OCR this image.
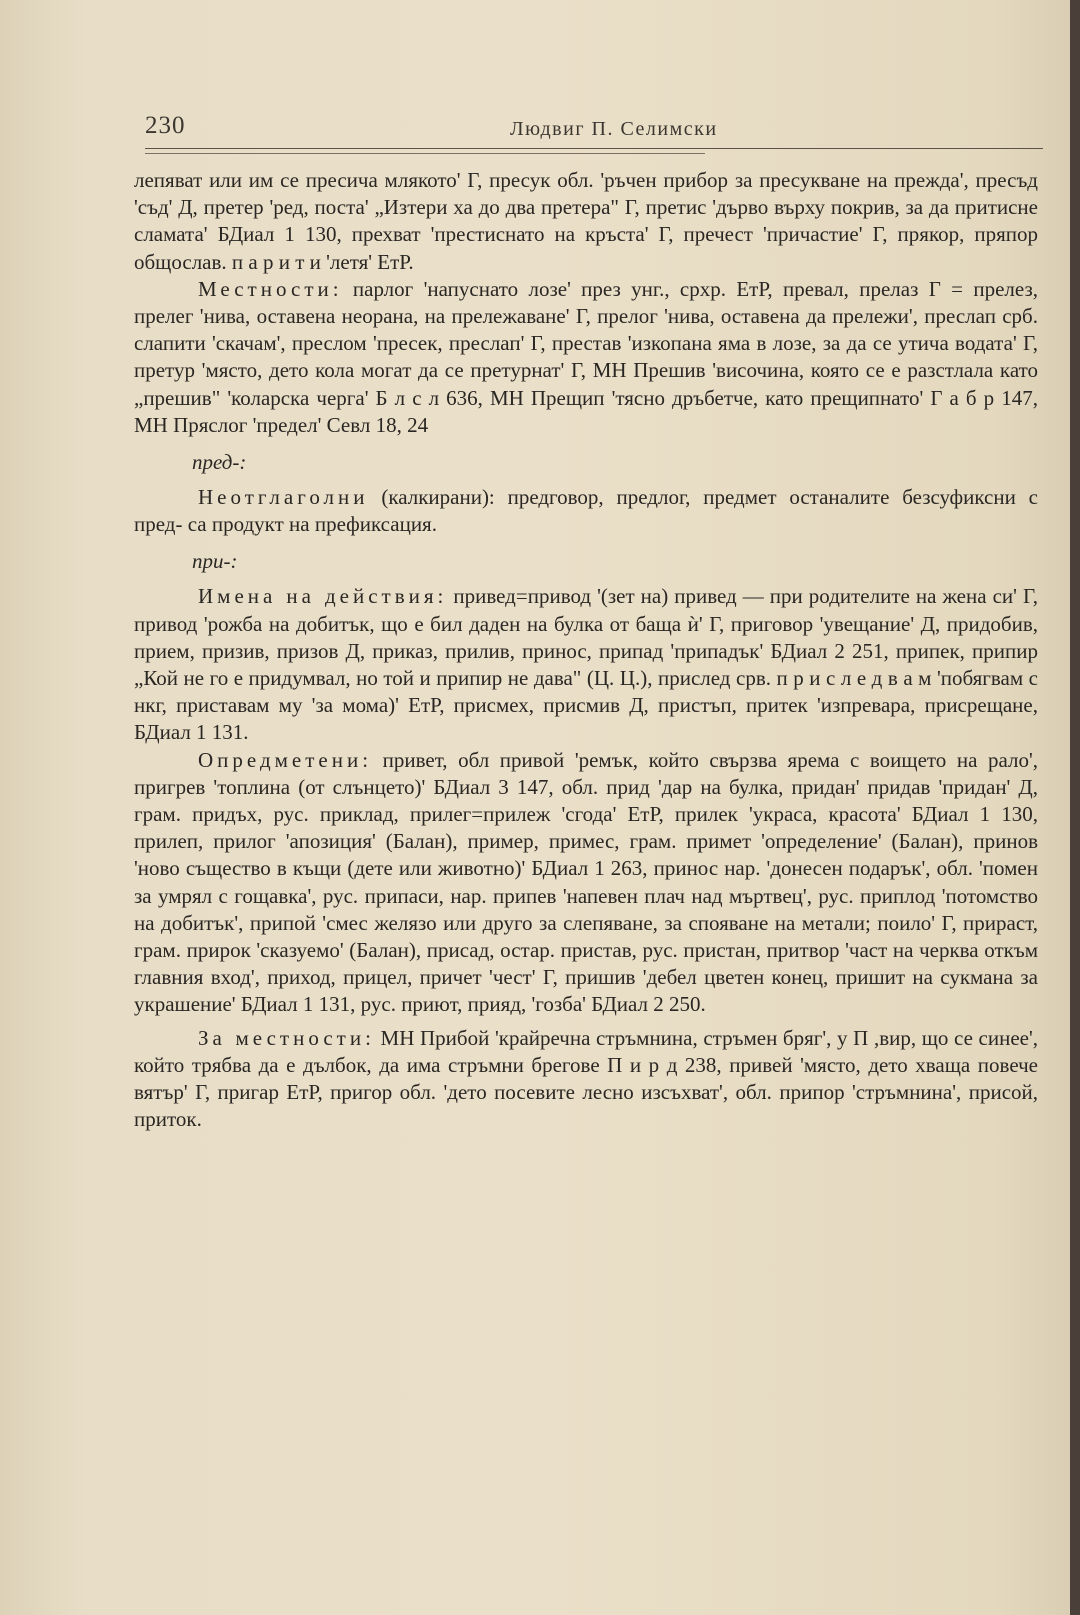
230	Людвиг П. Селимски

лепяват или им се пресича млякото' Г, пресук обл. 'ръчен прибор за пресукване на прежда', пресъд 'съд' Д, претер 'ред, поста' „Изтери ха до два претера" Г, претис 'дърво върху покрив, за да притисне сламата' БДиал 1 130, прехват 'престиснато на кръста' Г, пречест 'причастие' Г, прякор, пряпор общослав. п а р и т и 'летя' ЕтР.

Местности: парлог 'напуснато лозе' през унг., срхр. ЕтР, превал, прелаз Г = прелез, прелег 'нива, оставена неорана, на прележаване' Г, прелог 'нива, оставена да прележи', преслап срб. слапити 'скачам', преслом 'пресек, преслап' Г, престав 'изкопана яма в лозе, за да се утича водата' Г, претур 'място, дето кола могат да се претурнат' Г, МН Прешив 'височина, която се е разстлала като „прешив" 'коларска черга' Б л с л 636, МН Прещип 'тясно дръбетче, като прещипнато' Г а б р 147, МН Пряслог 'предел' Севл 18, 24

пред-:

Неотглаголни (калкирани): предговор, предлог, предмет останалите безсуфиксни с пред- са продукт на префиксация.

при-:

Имена на действия: привед=привод '(зет на) привед — при родителите на жена си' Г, привод 'рожба на добитък, що е бил даден на булка от баща ѝ' Г, приговор 'увещание' Д, придобив, прием, призив, призов Д, приказ, прилив, принос, припад 'припадък' БДиал 2 251, припек, припир „Кой не го е придумвал, но той и припир не дава" (Ц. Ц.), прислед срв. п р и с л е д в а м 'побягвам с нкг, приставам му 'за мома)' ЕтР, присмех, присмив Д, пристъп, притек 'изпреварa, присрещане, БДиал 1 131.

Опредметени: привет, обл привой 'ремък, който свързва ярема с воището на рало', пригрев 'топлина (от слънцето)' БДиал 3 147, обл. прид 'дар на булка, придан' придав 'придан' Д, грам. придъх, рус. приклад, прилег=прилеж 'сгода' ЕтР, прилек 'украса, красота' БДиал 1 130, прилеп, прилог 'апозиция' (Балан), пример, примес, грам. примет 'определение' (Балан), принов 'ново същество в къщи (дете или животно)' БДиал 1 263, принос нар. 'донесен подарък', обл. 'помен за умрял с гощавка', рус. припаси, нар. припев 'напевен плач над мъртвец', рус. приплод 'потомство на добитък', припой 'смес желязо или друго за слепяване, за спояване на метали; поило' Г, прираст, грам. прирок 'сказуемо' (Балан), присад, остар. пристав, рус. пристан, притвор 'част на черква откъм главния вход', приход, прицел, причет 'чест' Г, пришив 'дебел цветен конец, пришит на сукмана за украшение' БДиал 1 131, рус. приют, прияд, 'гозба' БДиал 2 250.

За местности: МН Прибой 'крайречна стръмнина, стръмен бряг', у П ,вир, що се синее', който трябва да е дълбок, да има стръмни брегове П и р д 238, привей 'място, дето хваща повече вятър' Г, пригар ЕтР, пригор обл. 'дето посевите лесно изсъхват', обл. припор 'стръмнина', присой, приток.
